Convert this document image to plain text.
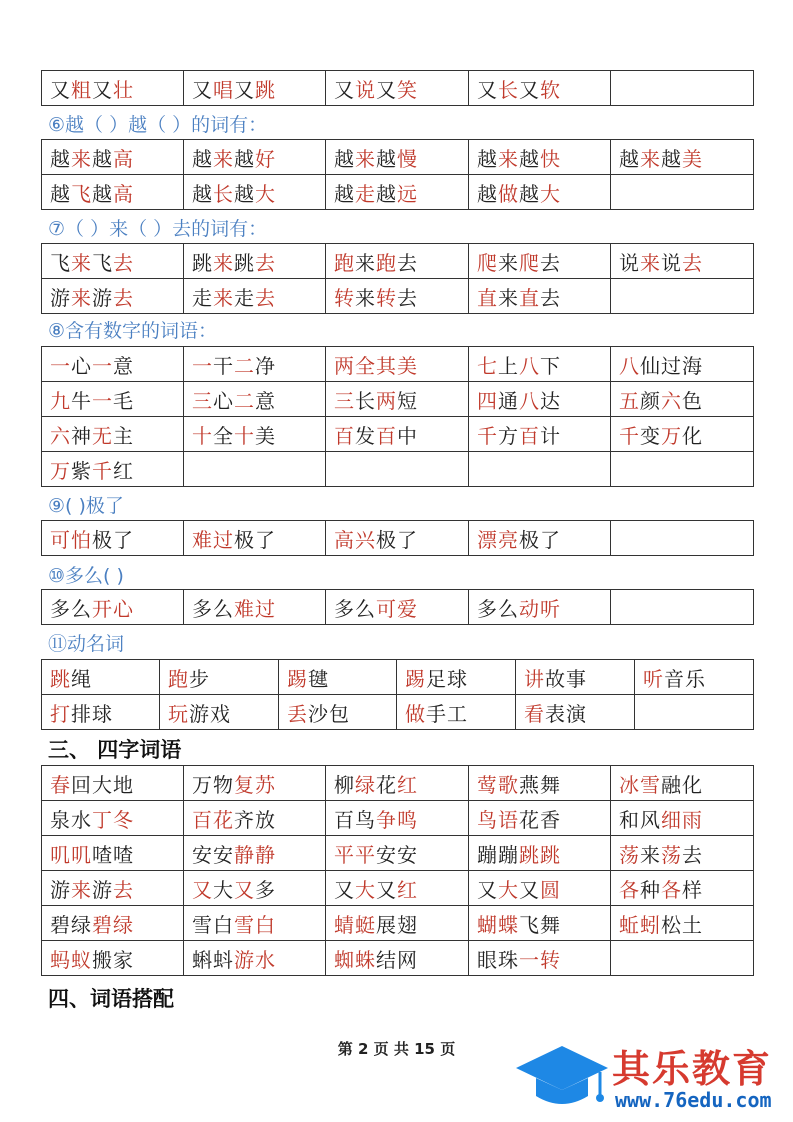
又粗又壮	又唱又跳	又说又笑	又长又软	
⑥越（ ）越（ ）的词有：
越来越高	越来越好	越来越慢	越来越快	越来越美
越飞越高	越长越大	越走越远	越做越大	
⑦（ ）来（ ）去的词有：
飞来飞去	跳来跳去	跑来跑去	爬来爬去	说来说去
游来游去	走来走去	转来转去	直来直去	
⑧含有数字的词语：
一心一意	一干二净	两全其美	七上八下	八仙过海
九牛一毛	三心二意	三长两短	四通八达	五颜六色
六神无主	十全十美	百发百中	千方百计	千变万化
万紫千红				
⑨( )极了
可怕极了	难过极了	高兴极了	漂亮极了	
⑩多么( )
多么开心	多么难过	多么可爱	多么动听	
⑪动名词
跳绳	跑步	踢毽	踢足球	讲故事	听音乐
打排球	玩游戏	丢沙包	做手工	看表演	
三、 四字词语
春回大地	万物复苏	柳绿花红	莺歌燕舞	冰雪融化
泉水丁冬	百花齐放	百鸟争鸣	鸟语花香	和风细雨
叽叽喳喳	安安静静	平平安安	蹦蹦跳跳	荡来荡去
游来游去	又大又多	又大又红	又大又圆	各种各样
碧绿碧绿	雪白雪白	蜻蜓展翅	蝴蝶飞舞	蚯蚓松土
蚂蚁搬家	蝌蚪游水	蜘蛛结网	眼珠一转	
四、词语搭配
第 2 页 共 15 页	其乐教育
www.76edu.com
